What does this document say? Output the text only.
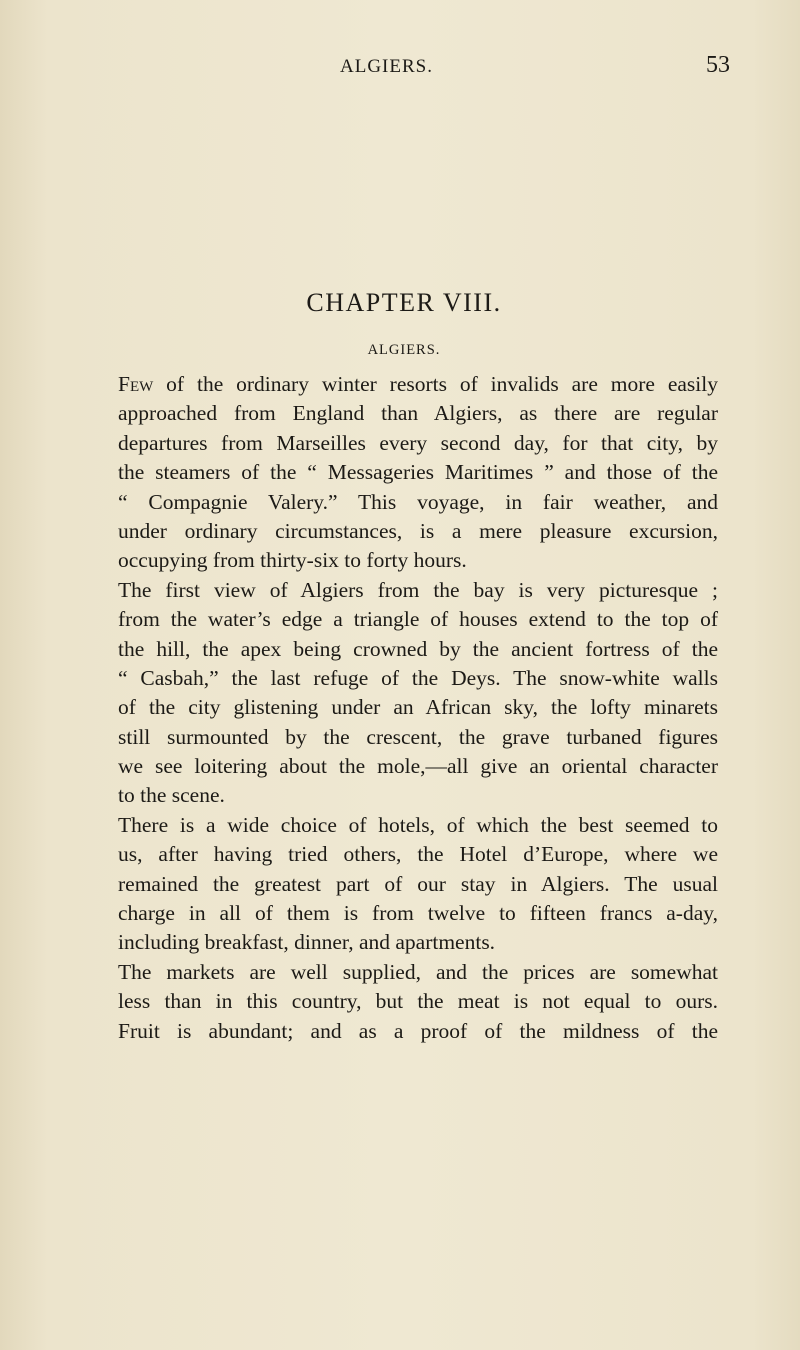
ALGIERS.	53
CHAPTER VIII.
ALGIERS.
Few of the ordinary winter resorts of invalids are more easily
approached from England than Algiers, as there are regular
departures from Marseilles every second day, for that city, by
the steamers of the “ Messageries Maritimes ” and those of the
“ Compagnie Valery.” This voyage, in fair weather, and
under ordinary circumstances, is a mere pleasure excursion,
occupying from thirty-six to forty hours.
The first view of Algiers from the bay is very picturesque ;
from the water’s edge a triangle of houses extend to the top of
the hill, the apex being crowned by the ancient fortress of the
“ Casbah,” the last refuge of the Deys. The snow-white walls
of the city glistening under an African sky, the lofty minarets
still surmounted by the crescent, the grave turbaned figures
we see loitering about the mole,—all give an oriental character
to the scene.
There is a wide choice of hotels, of which the best seemed to
us, after having tried others, the Hotel d’Europe, where we
remained the greatest part of our stay in Algiers. The usual
charge in all of them is from twelve to fifteen francs a-day,
including breakfast, dinner, and apartments.
The markets are well supplied, and the prices are somewhat
less than in this country, but the meat is not equal to ours.
Fruit is abundant; and as a proof of the mildness of the
